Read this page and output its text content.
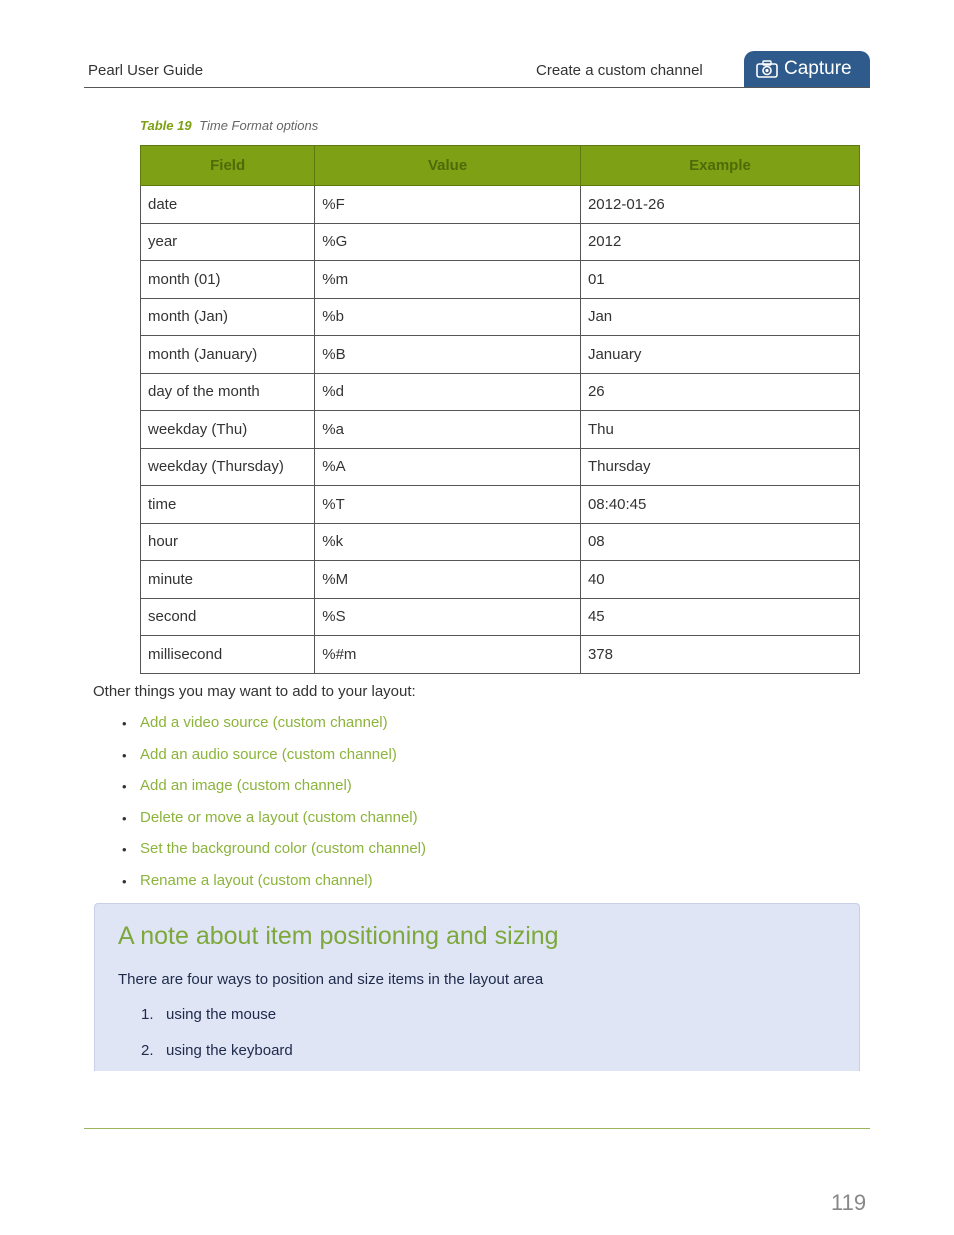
Pearl User Guide	Create a custom channel	Capture
Table 19 Time Format options
Field	Value	Example
date	%F	2012-01-26
year	%G	2012
month (01)	%m	01
month (Jan)	%b	Jan
month (January)	%B	January
day of the month	%d	26
weekday (Thu)	%a	Thu
weekday (Thursday)	%A	Thursday
time	%T	08:40:45
hour	%k	08
minute	%M	40
second	%S	45
millisecond	%#m	378
Other things you may want to add to your layout:
• Add a video source (custom channel)
• Add an audio source (custom channel)
• Add an image (custom channel)
• Delete or move a layout (custom channel)
• Set the background color (custom channel)
• Rename a layout (custom channel)
A note about item positioning and sizing
There are four ways to position and size items in the layout area
1. using the mouse
2. using the keyboard
119
